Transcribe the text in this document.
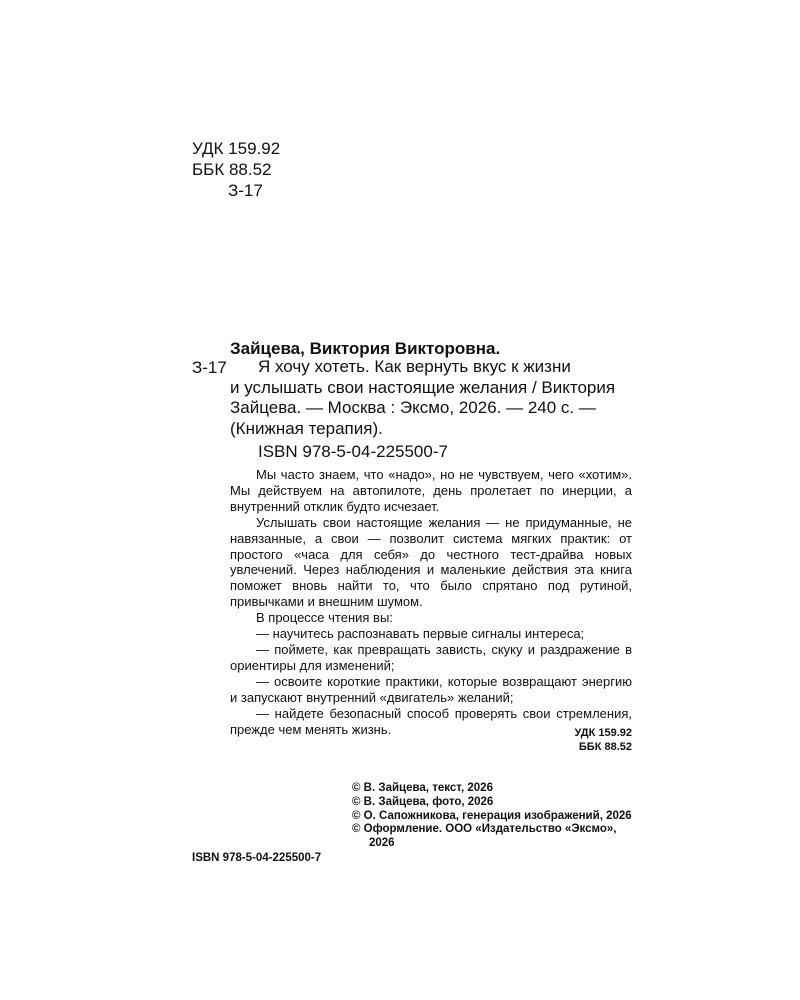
УДК 159.92
ББК 88.52
З-17
Зайцева, Виктория Викторовна.
З-17	Я хочу хотеть. Как вернуть вкус к жизни

и услышать свои настоящие желания / Виктория

Зайцева. — Москва : Эксмо, 2026. — 240 с. —

(Книжная терапия).

ISBN 978-5-04-225500-7

Мы часто знаем, что «надо», но не чувствуем, чего «хотим». Мы действуем на автопилоте, день пролетает по инерции, а внутренний отклик будто исчезает.

Услышать свои настоящие желания — не придуманные, не навязанные, а свои — позволит система мягких практик: от простого «часа для себя» до честного тест-драйва новых увлечений. Через наблюдения и маленькие действия эта книга поможет вновь найти то, что было спрятано под рутиной, привычками и внешним шумом.

В процессе чтения вы:

— научитесь распознавать первые сигналы интереса;

— поймете, как превращать зависть, скуку и раздражение в ориентиры для изменений;

— освоите короткие практики, которые возвращают энергию и запускают внутренний «двигатель» желаний;

— найдете безопасный способ проверять свои стремления, прежде чем менять жизнь.	УДК 159.92
ББК 88.52

© В. Зайцева, текст, 2026

© В. Зайцева, фото, 2026

© О. Сапожникова, генерация изображений, 2026

© Оформление. ООО «Издательство «Эксмо», 2026

ISBN 978-5-04-225500-7
